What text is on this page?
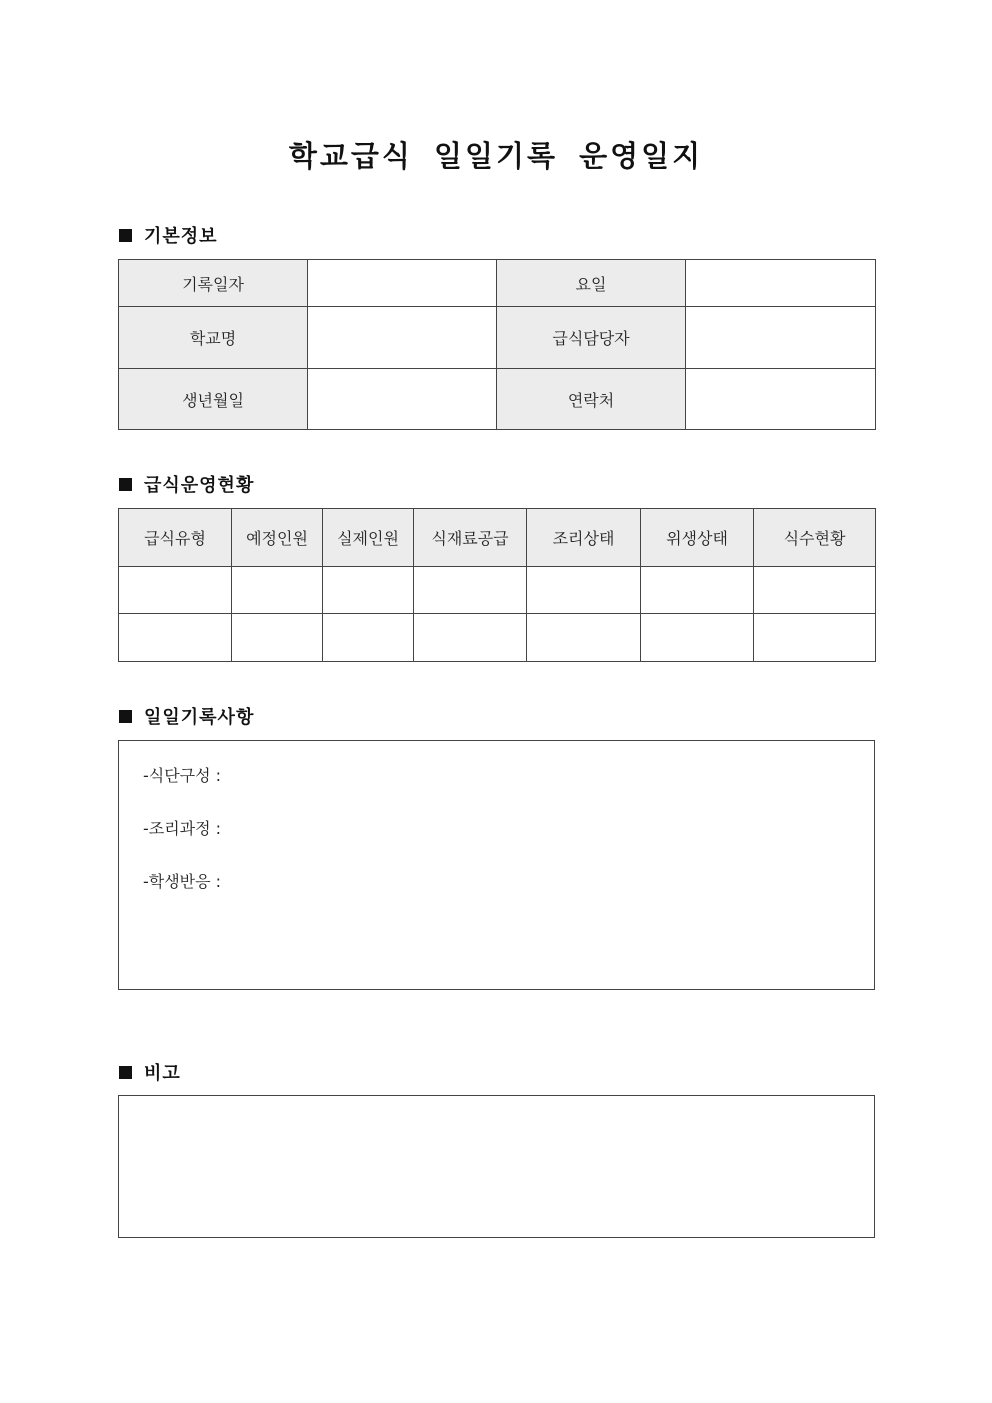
학교급식 일일기록 운영일지
기본정보
기록일자		요일	
학교명		급식담당자	
생년월일		연락처	
급식운영현황
급식유형	예정인원	실제인원	식재료공급	조리상태	위생상태	식수현황

일일기록사항
-식단구성 :
-조리과정 :
-학생반응 :
비고
